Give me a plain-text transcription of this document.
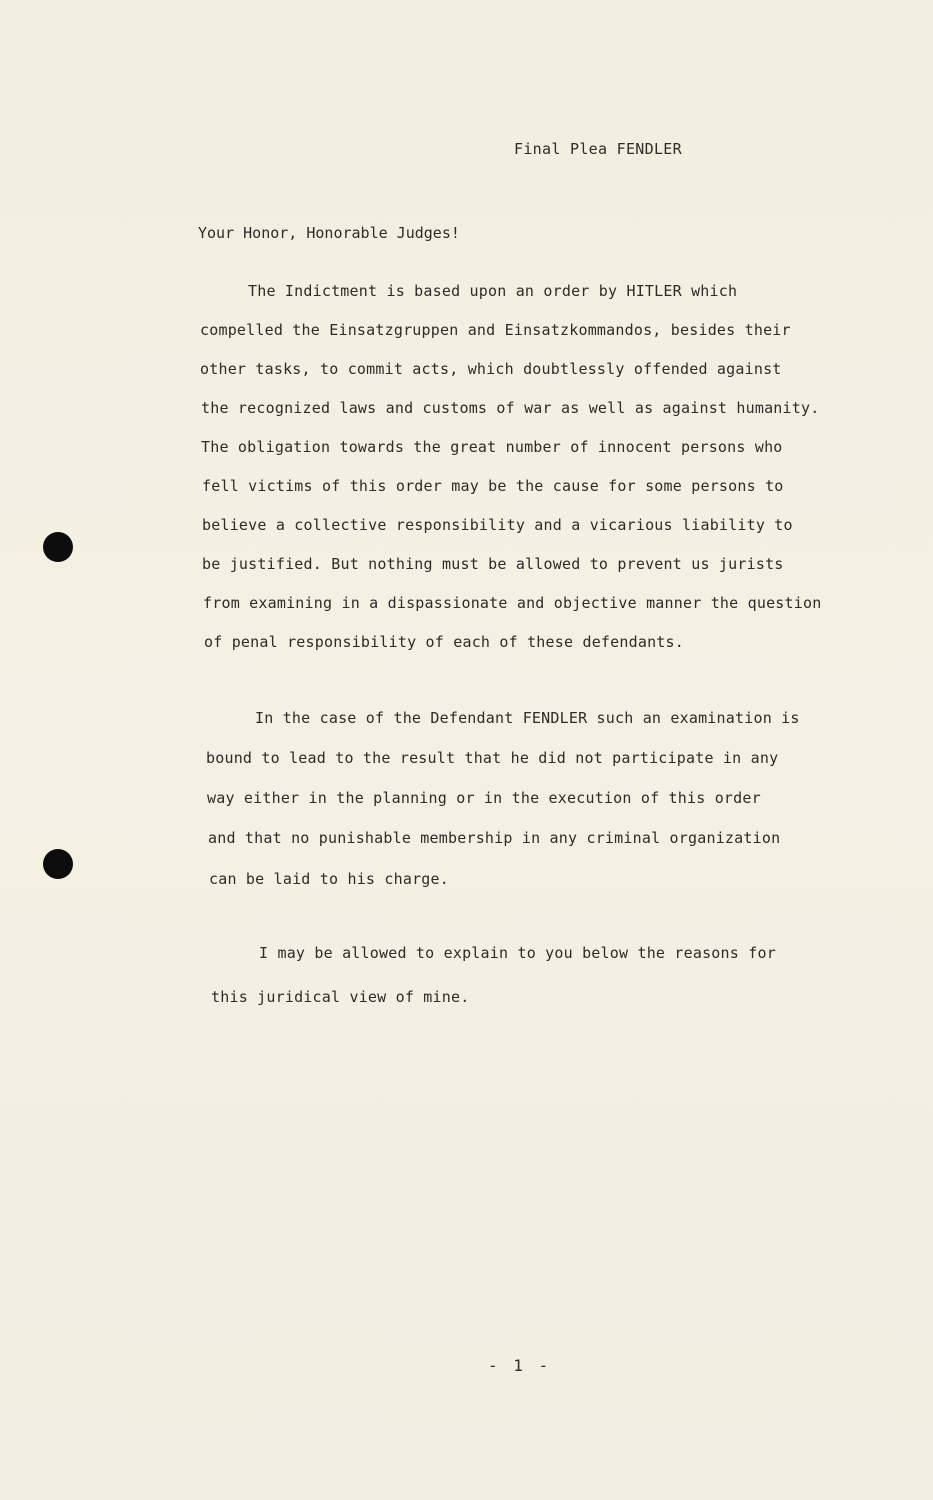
Final Plea FENDLER
Your Honor, Honorable Judges!
The Indictment is based upon an order by HITLER which
compelled the Einsatzgruppen and Einsatzkommandos, besides their
other tasks, to commit acts, which doubtlessly offended against
the recognized laws and customs of war as well as against humanity.
The obligation towards the great number of innocent persons who
fell victims of this order may be the cause for some persons to
believe a collective responsibility and a vicarious liability to
be justified. But nothing must be allowed to prevent us jurists
from examining in a dispassionate and objective manner the question
of penal responsibility of each of these defendants.
In the case of the Defendant FENDLER such an examination is
bound to lead to the result that he did not participate in any
way either in the planning or in the execution of this order
and that no punishable membership in any criminal organization
can be laid to his charge.
I may be allowed to explain to you below the reasons for
this juridical view of mine.
- 1 -
